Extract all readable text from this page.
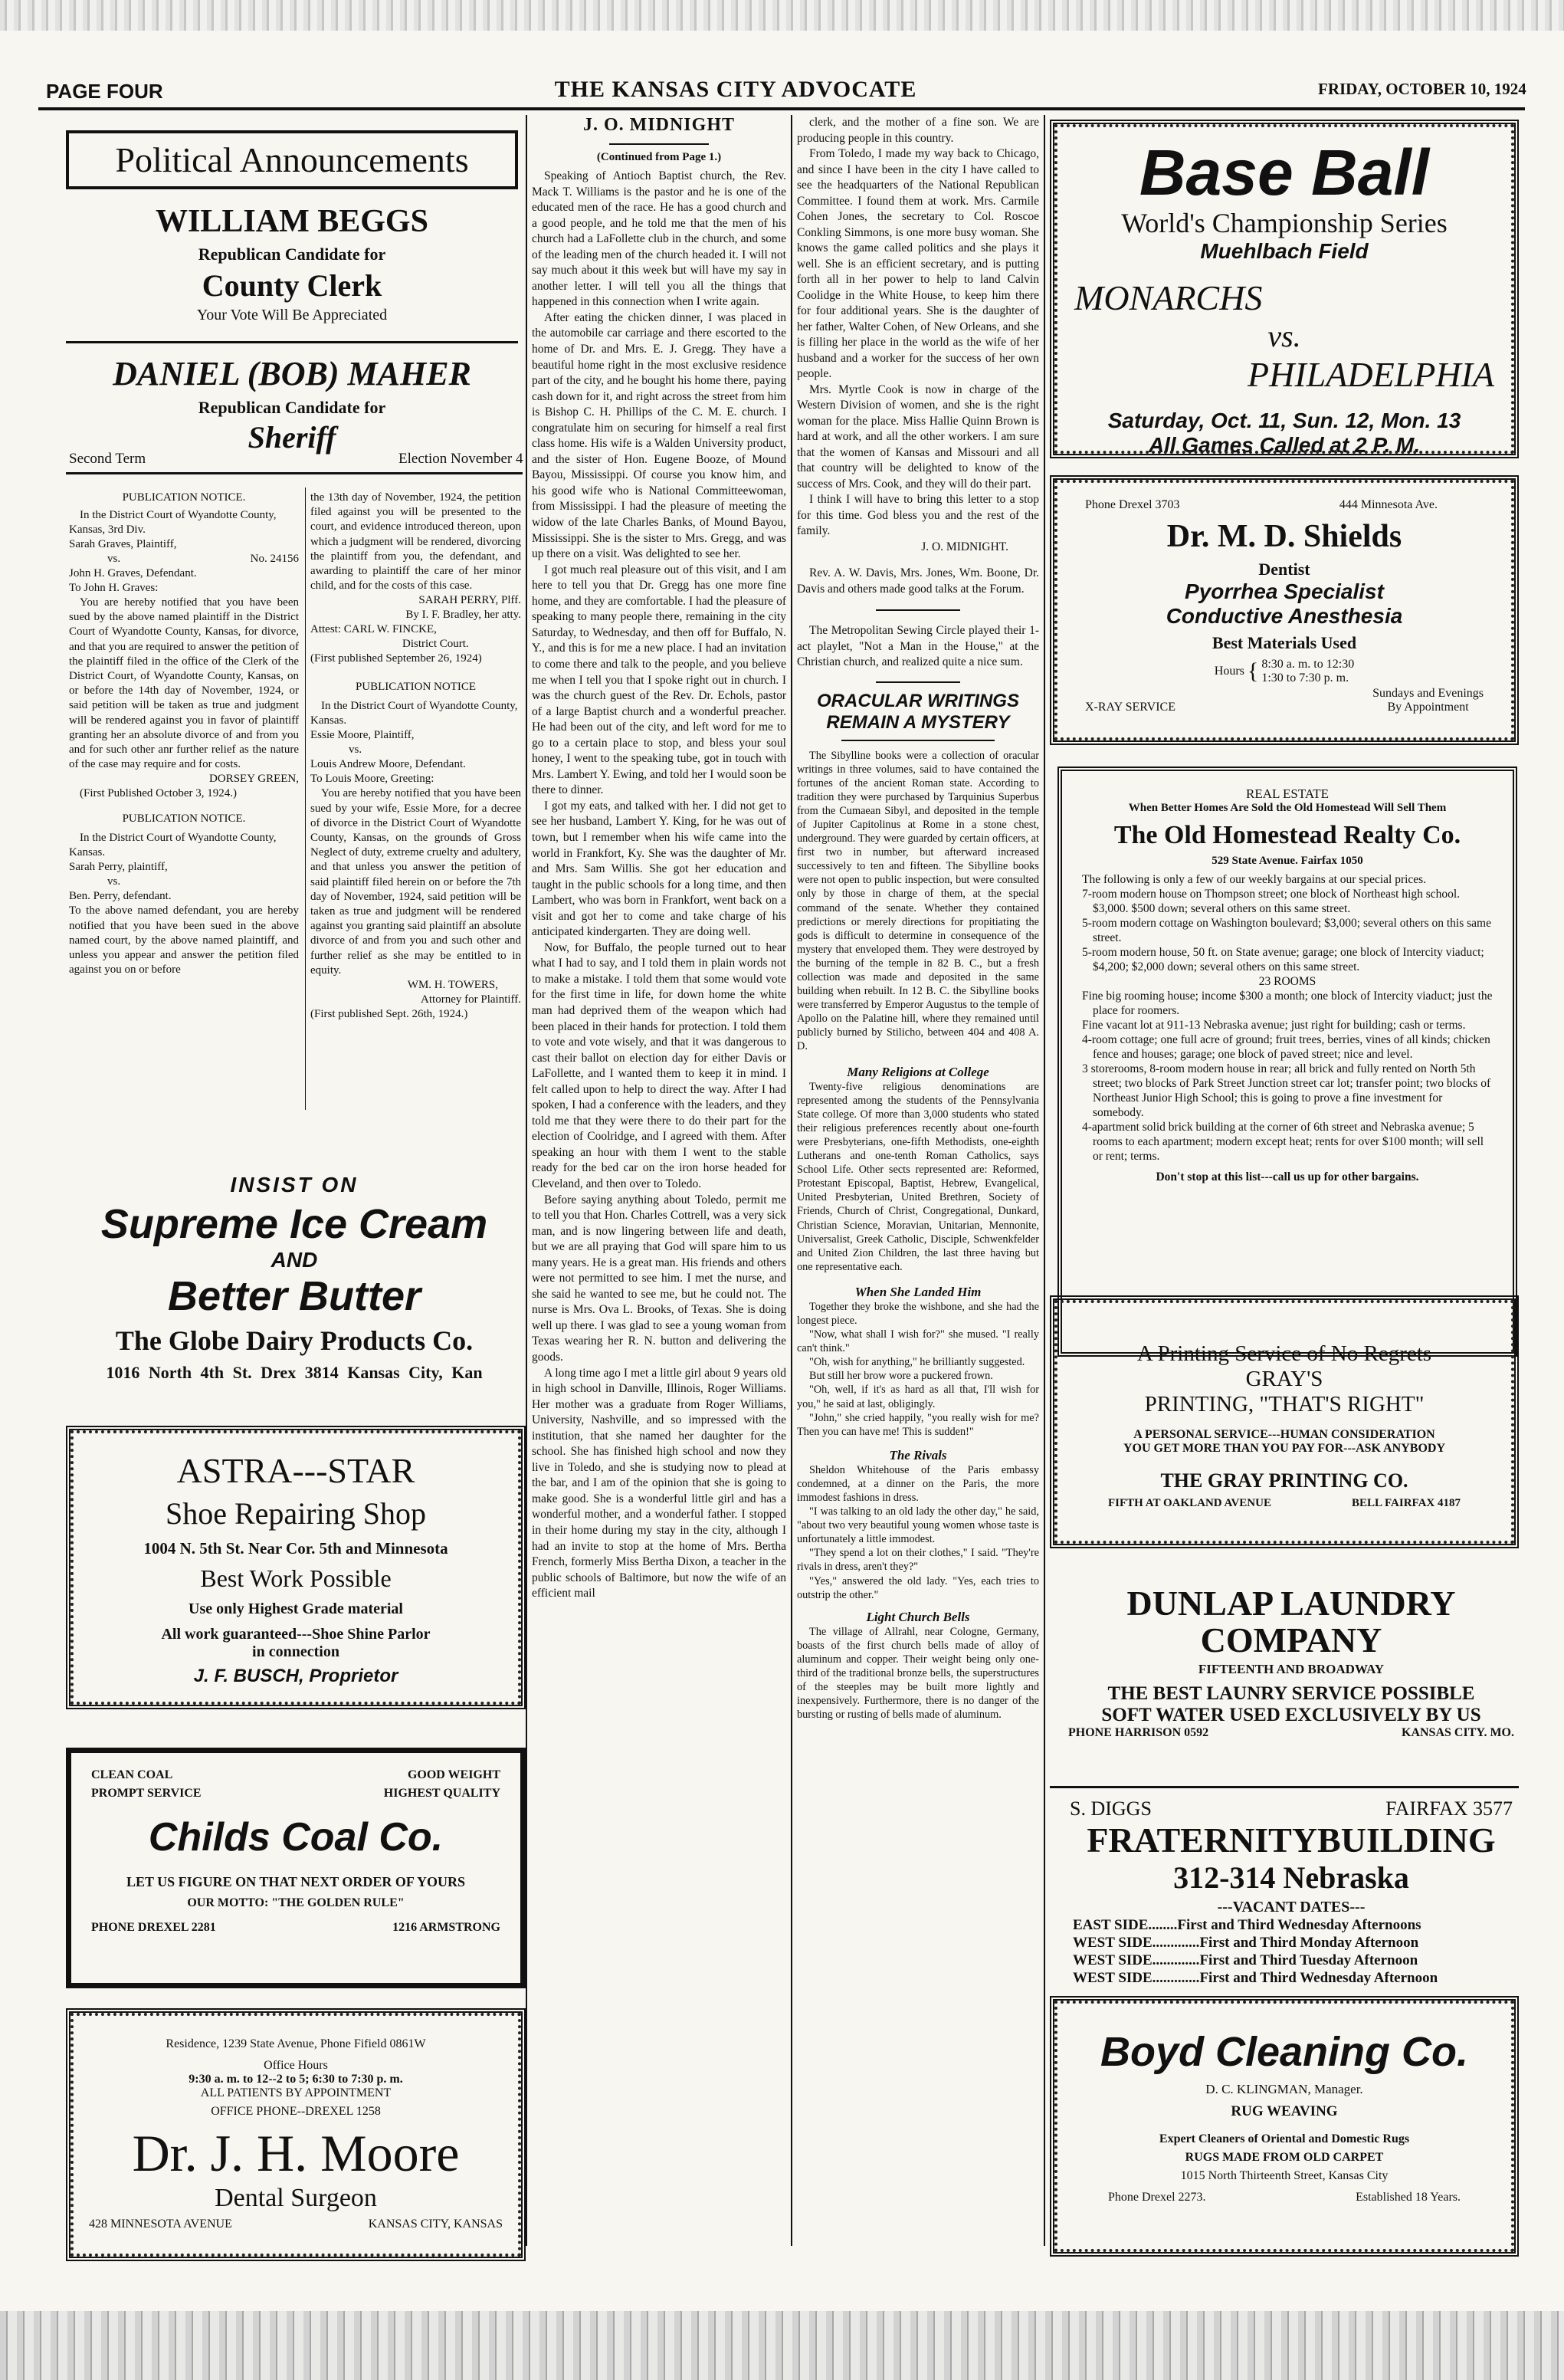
PAGE FOUR	THE KANSAS CITY ADVOCATE	FRIDAY, OCTOBER 10, 1924
Political Announcements
WILLIAM BEGGS
Republican Candidate for
County Clerk
Your Vote Will Be Appreciated
DANIEL (BOB) MAHER
Republican Candidate for
Sheriff
Second Term	Election November 4

PUBLICATION NOTICE.

In the District Court of Wyandotte County, Kansas, 3rd Div.

Sarah Graves, Plaintiff,

vs.	No. 24156

John H. Graves, Defendant.

To John H. Graves:

You are hereby notified that you have been sued by the above named plaintiff in the District Court of Wyandotte County, Kansas, for divorce, and that you are required to answer the petition of the plaintiff filed in the office of the Clerk of the District Court, of Wyandotte County, Kansas, on or before the 14th day of November, 1924, or said petition will be taken as true and judgment will be rendered against you in favor of plaintiff granting her an absolute divorce of and from you and for such other anr further relief as the nature of the case may require and for costs.

DORSEY GREEN,

(First Published October 3, 1924.)

PUBLICATION NOTICE.

In the District Court of Wyandotte County, Kansas.

Sarah Perry, plaintiff,

vs.

Ben. Perry, defendant.

To the above named defendant, you are hereby notified that you have been sued in the above named court, by the above named plaintiff, and unless you appear and answer the petition filed against you on or before

the 13th day of November, 1924, the petition filed against you will be presented to the court, and evidence introduced thereon, upon which a judgment will be rendered, divorcing the plaintiff from you, the defendant, and awarding to plaintiff the care of her minor child, and for the costs of this case.

SARAH PERRY, Plff.

By I. F. Bradley, her atty.

Attest: CARL W. FINCKE,

District Court.

(First published September 26, 1924)

PUBLICATION NOTICE

In the District Court of Wyandotte County, Kansas.

Essie Moore, Plaintiff,

vs.

Louis Andrew Moore, Defendant.

To Louis Moore, Greeting:

You are hereby notified that you have been sued by your wife, Essie More, for a decree of divorce in the District Court of Wyandotte County, Kansas, on the grounds of Gross Neglect of duty, extreme cruelty and adultery, and that unless you answer the petition of said plaintiff filed herein on or before the 7th day of November, 1924, said petition will be taken as true and judgment will be rendered against you granting said plaintiff an absolute divorce of and from you and such other and further relief as she may be entitled to in equity.

WM. H. TOWERS,

Attorney for Plaintiff.

(First published Sept. 26th, 1924.)

INSIST ON
Supreme Ice Cream
AND
Better Butter
The Globe Dairy Products Co.
1016 North 4th St. Drex 3814 Kansas City, Kan
ASTRA---STAR
Shoe Repairing Shop
1004 N. 5th St. Near Cor. 5th and Minnesota
Best Work Possible
Use only Highest Grade material
All work guaranteed---Shoe Shine Parlor
in connection
J. F. BUSCH, Proprietor
CLEAN COAL	GOOD WEIGHT
PROMPT SERVICE	HIGHEST QUALITY
Childs Coal Co.
LET US FIGURE ON THAT NEXT ORDER OF YOURS
OUR MOTTO: "THE GOLDEN RULE"
PHONE DREXEL 2281	1216 ARMSTRONG
Residence, 1239 State Avenue, Phone Fifield 0861W
Office Hours
9:30 a. m. to 12--2 to 5; 6:30 to 7:30 p. m.
ALL PATIENTS BY APPOINTMENT
OFFICE PHONE--DREXEL 1258
Dr. J. H. Moore
Dental Surgeon
428 MINNESOTA AVENUE	KANSAS CITY, KANSAS
J. O. MIDNIGHT
(Continued from Page 1.)

Speaking of Antioch Baptist church, the Rev. Mack T. Williams is the pastor and he is one of the educated men of the race. He has a good church and a good people, and he told me that the men of his church had a LaFollette club in the church, and some of the leading men of the church headed it. I will not say much about it this week but will have my say in another letter. I will tell you all the things that happened in this connection when I write again.

After eating the chicken dinner, I was placed in the automobile car carriage and there escorted to the home of Dr. and Mrs. E. J. Gregg. They have a beautiful home right in the most exclusive residence part of the city, and he bought his home there, paying cash down for it, and right across the street from him is Bishop C. H. Phillips of the C. M. E. church. I congratulate him on securing for himself a real first class home. His wife is a Walden University product, and the sister of Hon. Eugene Booze, of Mound Bayou, Mississippi. Of course you know him, and his good wife who is National Committeewoman, from Mississippi. I had the pleasure of meeting the widow of the late Charles Banks, of Mound Bayou, Mississippi. She is the sister to Mrs. Gregg, and was up there on a visit. Was delighted to see her.

I got much real pleasure out of this visit, and I am here to tell you that Dr. Gregg has one more fine home, and they are comfortable. I had the pleasure of speaking to many people there, remaining in the city Saturday, to Wednesday, and then off for Buffalo, N. Y., and this is for me a new place. I had an invitation to come there and talk to the people, and you believe me when I tell you that I spoke right out in church. I was the church guest of the Rev. Dr. Echols, pastor of a large Baptist church and a wonderful preacher. He had been out of the city, and left word for me to go to a certain place to stop, and bless your soul honey, I went to the speaking tube, got in touch with Mrs. Lambert Y. Ewing, and told her I would soon be there to dinner.

I got my eats, and talked with her. I did not get to see her husband, Lambert Y. King, for he was out of town, but I remember when his wife came into the world in Frankfort, Ky. She was the daughter of Mr. and Mrs. Sam Willis. She got her education and taught in the public schools for a long time, and then Lambert, who was born in Frankfort, went back on a visit and got her to come and take charge of his anticipated kindergarten. They are doing well.

Now, for Buffalo, the people turned out to hear what I had to say, and I told them in plain words not to make a mistake. I told them that some would vote for the first time in life, for down home the white man had deprived them of the weapon which had been placed in their hands for protection. I told them to vote and vote wisely, and that it was dangerous to cast their ballot on election day for either Davis or LaFollette, and I wanted them to keep it in mind. I felt called upon to help to direct the way. After I had spoken, I had a conference with the leaders, and they told me that they were there to do their part for the election of Coolridge, and I agreed with them. After speaking an hour with them I went to the stable ready for the bed car on the iron horse headed for Cleveland, and then over to Toledo.

Before saying anything about Toledo, permit me to tell you that Hon. Charles Cottrell, was a very sick man, and is now lingering between life and death, but we are all praying that God will spare him to us many years. He is a great man. His friends and others were not permitted to see him. I met the nurse, and she said he wanted to see me, but he could not. The nurse is Mrs. Ova L. Brooks, of Texas. She is doing well up there. I was glad to see a young woman from Texas wearing her R. N. button and delivering the goods.

A long time ago I met a little girl about 9 years old in high school in Danville, Illinois, Roger Williams. Her mother was a graduate from Roger Williams, University, Nashville, and so impressed with the institution, that she named her daughter for the school. She has finished high school and now they live in Toledo, and she is studying now to plead at the bar, and I am of the opinion that she is going to make good. She is a wonderful little girl and has a wonderful mother, and a wonderful father. I stopped in their home during my stay in the city, although I had an invite to stop at the home of Mrs. Bertha French, formerly Miss Bertha Dixon, a teacher in the public schools of Baltimore, but now the wife of an efficient mail

clerk, and the mother of a fine son. We are producing people in this country.

From Toledo, I made my way back to Chicago, and since I have been in the city I have called to see the headquarters of the National Republican Committee. I found them at work. Mrs. Carmile Cohen Jones, the secretary to Col. Roscoe Conkling Simmons, is one more busy woman. She knows the game called politics and she plays it well. She is an efficient secretary, and is putting forth all in her power to help to land Calvin Coolidge in the White House, to keep him there for four additional years. She is the daughter of her father, Walter Cohen, of New Orleans, and she is filling her place in the world as the wife of her husband and a worker for the success of her own people.

Mrs. Myrtle Cook is now in charge of the Western Division of women, and she is the right woman for the place. Miss Hallie Quinn Brown is hard at work, and all the other workers. I am sure that the women of Kansas and Missouri and all that country will be delighted to know of the success of Mrs. Cook, and they will do their part.

I think I will have to bring this letter to a stop for this time. God bless you and the rest of the family.

J. O. MIDNIGHT.

Rev. A. W. Davis, Mrs. Jones, Wm. Boone, Dr. Davis and others made good talks at the Forum.

The Metropolitan Sewing Circle played their 1-act playlet, "Not a Man in the House," at the Christian church, and realized quite a nice sum.

ORACULAR WRITINGS
REMAIN A MYSTERY

The Sibylline books were a collection of oracular writings in three volumes, said to have contained the fortunes of the ancient Roman state. According to tradition they were purchased by Tarquinius Superbus from the Cumaean Sibyl, and deposited in the temple of Jupiter Capitolinus at Rome in a stone chest, underground. They were guarded by certain officers, at first two in number, but afterward increased successively to ten and fifteen. The Sibylline books were not open to public inspection, but were consulted only by those in charge of them, at the special command of the senate. Whether they contained predictions or merely directions for propitiating the gods is difficult to determine in consequence of the mystery that enveloped them. They were destroyed by the burning of the temple in 82 B. C., but a fresh collection was made and deposited in the same building when rebuilt. In 12 B. C. the Sibylline books were transferred by Emperor Augustus to the temple of Apollo on the Palatine hill, where they remained until publicly burned by Stilicho, between 404 and 408 A. D.

Many Religions at College

Twenty-five religious denominations are represented among the students of the Pennsylvania State college. Of more than 3,000 students who stated their religious preferences recently about one-fourth were Presbyterians, one-fifth Methodists, one-eighth Lutherans and one-tenth Roman Catholics, says School Life. Other sects represented are: Reformed, Protestant Episcopal, Baptist, Hebrew, Evangelical, United Presbyterian, United Brethren, Society of Friends, Church of Christ, Congregational, Dunkard, Christian Science, Moravian, Unitarian, Mennonite, Universalist, Greek Catholic, Disciple, Schwenkfelder and United Zion Children, the last three having but one representative each.

When She Landed Him

Together they broke the wishbone, and she had the longest piece.

"Now, what shall I wish for?" she mused. "I really can't think."

"Oh, wish for anything," he brilliantly suggested.

But still her brow wore a puckered frown.

"Oh, well, if it's as hard as all that, I'll wish for you," he said at last, obligingly.

"John," she cried happily, "you really wish for me? Then you can have me! This is sudden!"

The Rivals

Sheldon Whitehouse of the Paris embassy condemned, at a dinner on the Paris, the more immodest fashions in dress.

"I was talking to an old lady the other day," he said, "about two very beautiful young women whose taste is unfortunately a little immodest.

"They spend a lot on their clothes," I said. "They're rivals in dress, aren't they?"

"Yes," answered the old lady. "Yes, each tries to outstrip the other."

Light Church Bells

The village of Allrahl, near Cologne, Germany, boasts of the first church bells made of alloy of aluminum and copper. Their weight being only one-third of the traditional bronze bells, the superstructures of the steeples may be built more lightly and inexpensively. Furthermore, there is no danger of the bursting or rusting of bells made of aluminum.

Base Ball
World's Championship Series
Muehlbach Field
MONARCHS
vs.
PHILADELPHIA
Saturday, Oct. 11, Sun. 12, Mon. 13
All Games Called at 2 P. M.
Phone Drexel 3703	444 Minnesota Ave.
Dr. M. D. Shields
Dentist
Pyorrhea Specialist
Conductive Anesthesia
Best Materials Used
Hours { 8:30 a. m. to 12:30
1:30 to 7:30 p. m.
X-RAY SERVICE
Sundays and Evenings
By Appointment
REAL ESTATE
When Better Homes Are Sold the Old Homestead Will Sell Them
The Old Homestead Realty Co.
529 State Avenue. Fairfax 1050

The following is only a few of our weekly bargains at our special prices.

7-room modern house on Thompson street; one block of Northeast high school. $3,000. $500 down; several others on this same street.

5-room modern cottage on Washington boulevard; $3,000; several others on this same street.

5-room modern house, 50 ft. on State avenue; garage; one block of Intercity viaduct; $4,200; $2,000 down; several others on this same street.

23 ROOMS

Fine big rooming house; income $300 a month; one block of Intercity viaduct; just the place for roomers.

Fine vacant lot at 911-13 Nebraska avenue; just right for building; cash or terms.

4-room cottage; one full acre of ground; fruit trees, berries, vines of all kinds; chicken fence and houses; garage; one block of paved street; nice and level.

3 storerooms, 8-room modern house in rear; all brick and fully rented on North 5th street; two blocks of Park Street Junction street car lot; transfer point; two blocks of Northeast Junior High School; this is going to prove a fine investment for somebody.

4-apartment solid brick building at the corner of 6th street and Nebraska avenue; 5 rooms to each apartment; modern except heat; rents for over $100 month; will sell or rent; terms.

Don't stop at this list---call us up for other bargains.

A Printing Service of No Regrets
GRAY'S
PRINTING, "THAT'S RIGHT"
A PERSONAL SERVICE---HUMAN CONSIDERATION
YOU GET MORE THAN YOU PAY FOR---ASK ANYBODY
THE GRAY PRINTING CO.
FIFTH AT OAKLAND AVENUE	BELL FAIRFAX 4187
DUNLAP LAUNDRY
COMPANY
FIFTEENTH AND BROADWAY
THE BEST LAUNRY SERVICE POSSIBLE
SOFT WATER USED EXCLUSIVELY BY US
PHONE HARRISON 0592	KANSAS CITY. MO.
S. DIGGS	FAIRFAX 3577
FRATERNITYBUILDING
312-314 Nebraska
---VACANT DATES---
EAST SIDE........First and Third Wednesday Afternoons
WEST SIDE.............First and Third Monday Afternoon
WEST SIDE.............First and Third Tuesday Afternoon
WEST SIDE.............First and Third Wednesday Afternoon
Boyd Cleaning Co.
D. C. KLINGMAN, Manager.
RUG WEAVING
Expert Cleaners of Oriental and Domestic Rugs
RUGS MADE FROM OLD CARPET
1015 North Thirteenth Street, Kansas City
Phone Drexel 2273.	Established 18 Years.
